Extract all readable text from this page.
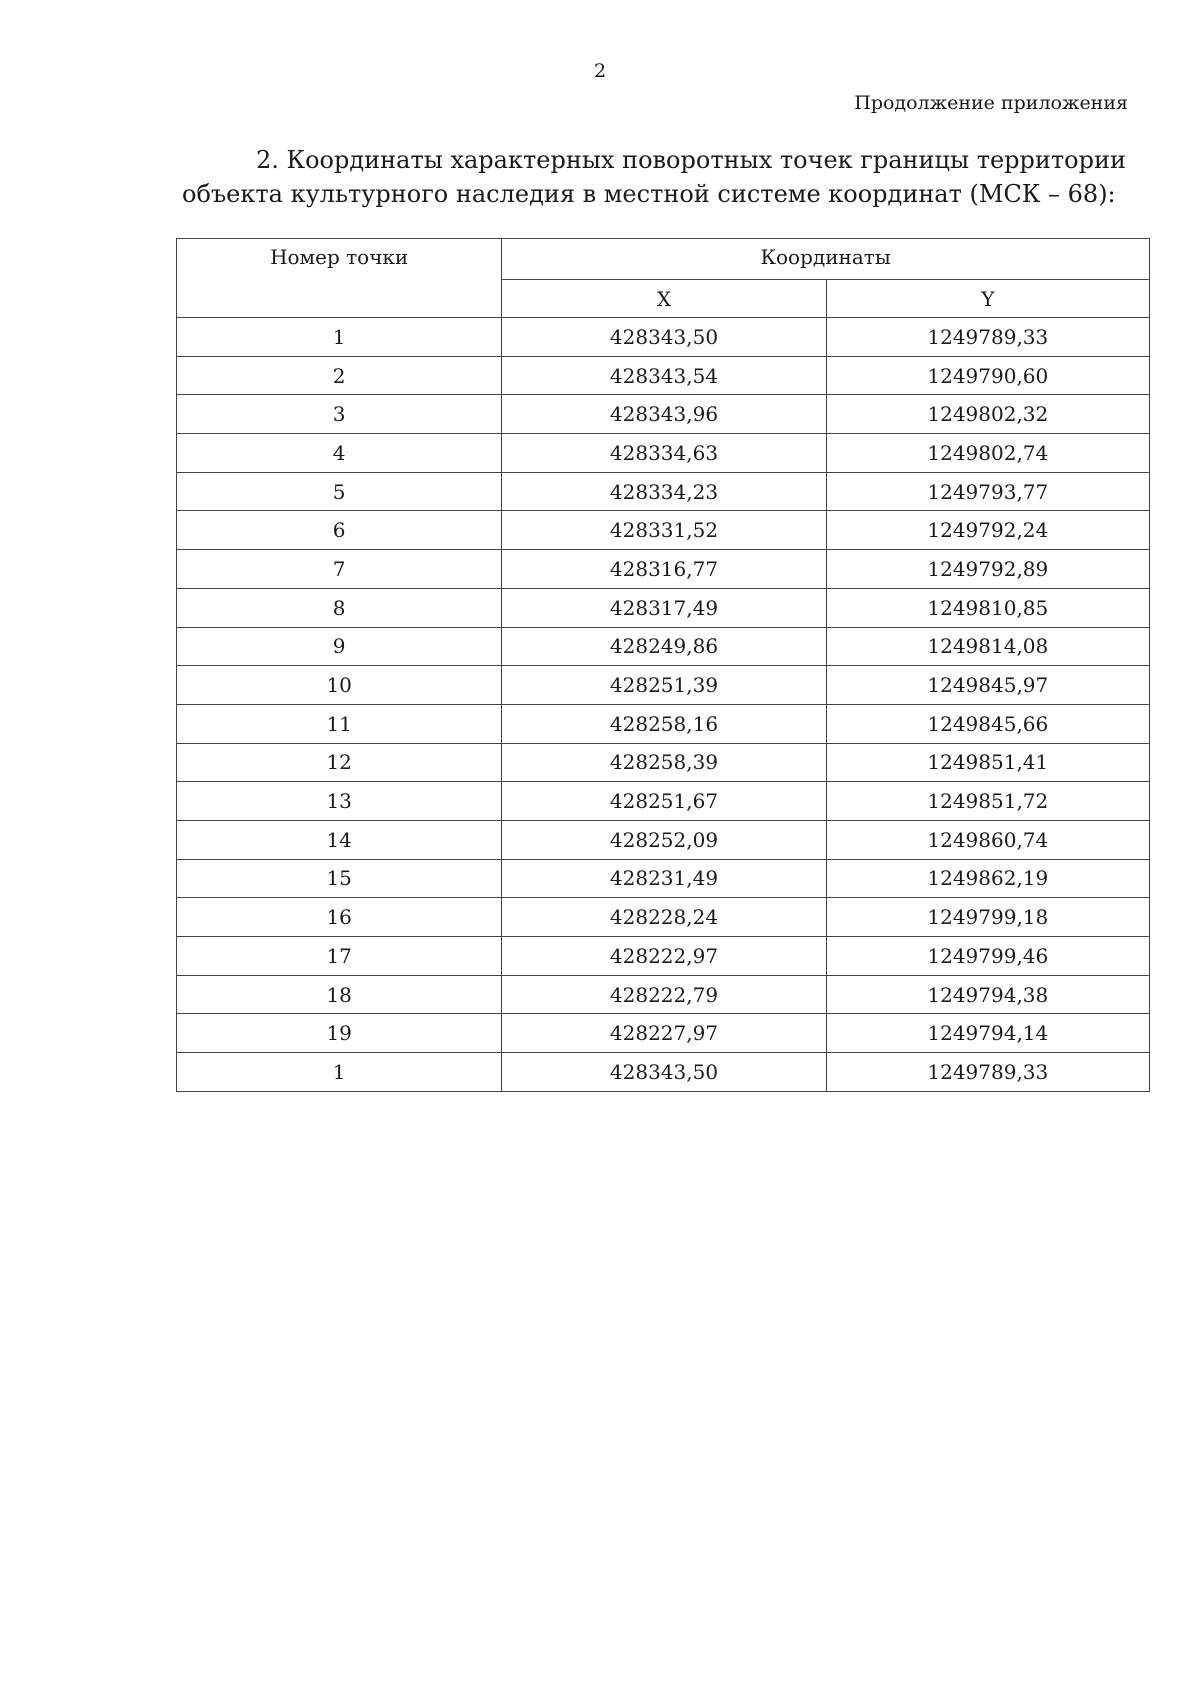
2
Продолжение приложения

2. Координаты характерных поворотных точек границы территории объекта культурного наследия в местной системе координат (МСК – 68):

Номер точки	Координаты	
	X	Y
1	428343,50	1249789,33
2	428343,54	1249790,60
3	428343,96	1249802,32
4	428334,63	1249802,74
5	428334,23	1249793,77
6	428331,52	1249792,24
7	428316,77	1249792,89
8	428317,49	1249810,85
9	428249,86	1249814,08
10	428251,39	1249845,97
11	428258,16	1249845,66
12	428258,39	1249851,41
13	428251,67	1249851,72
14	428252,09	1249860,74
15	428231,49	1249862,19
16	428228,24	1249799,18
17	428222,97	1249799,46
18	428222,79	1249794,38
19	428227,97	1249794,14
1	428343,50	1249789,33
